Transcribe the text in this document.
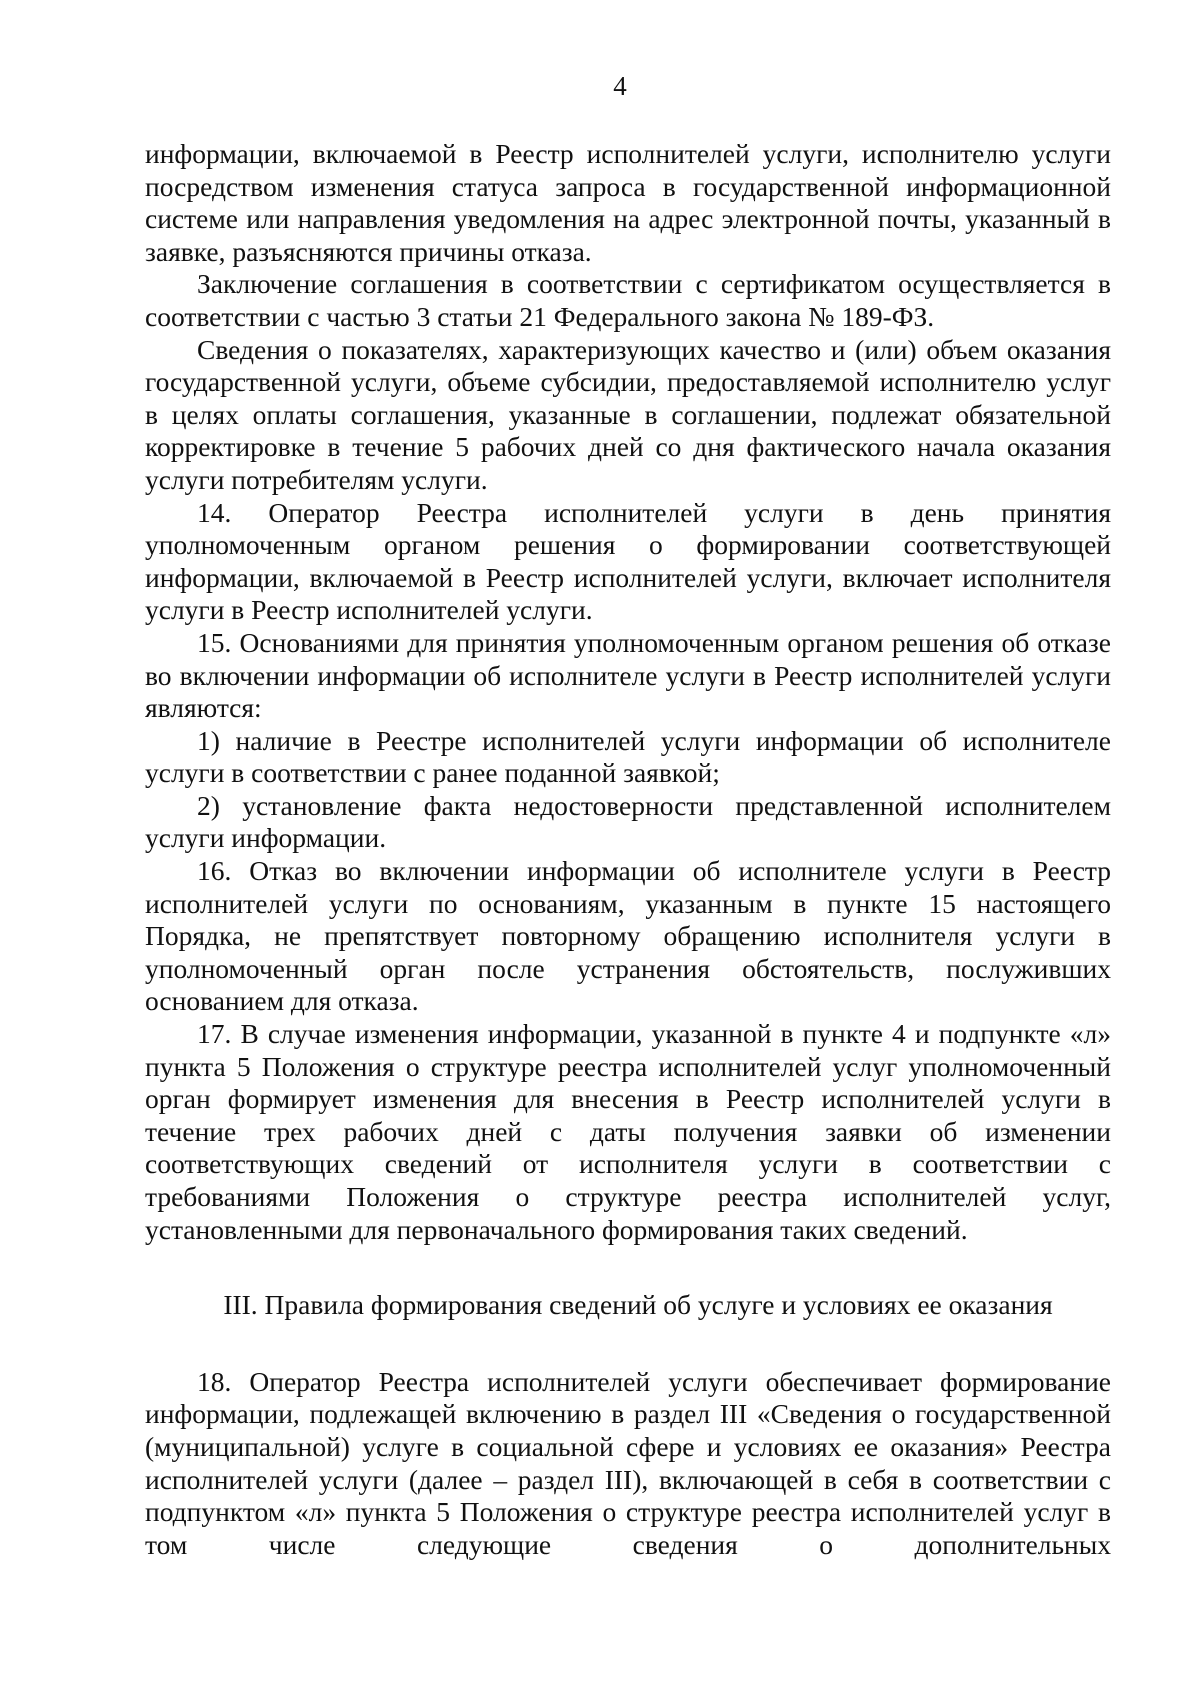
4

информации, включаемой в Реестр исполнителей услуги, исполнителю услуги посредством изменения статуса запроса в государственной информационной системе или направления уведомления на адрес электронной почты, указанный в заявке, разъясняются причины отказа.

Заключение соглашения в соответствии с сертификатом осуществляется в соответствии с частью 3 статьи 21 Федерального закона № 189-ФЗ.

Сведения о показателях, характеризующих качество и (или) объем оказания государственной услуги, объеме субсидии, предоставляемой исполнителю услуг в целях оплаты соглашения, указанные в соглашении, подлежат обязательной корректировке в течение 5 рабочих дней со дня фактического начала оказания услуги потребителям услуги.

14. Оператор Реестра исполнителей услуги в день принятия уполномоченным органом решения о формировании соответствующей информации, включаемой в Реестр исполнителей услуги, включает исполнителя услуги в Реестр исполнителей услуги.

15. Основаниями для принятия уполномоченным органом решения об отказе во включении информации об исполнителе услуги в Реестр исполнителей услуги являются:

1) наличие в Реестре исполнителей услуги информации об исполнителе услуги в соответствии с ранее поданной заявкой;

2) установление факта недостоверности представленной исполнителем услуги информации.

16. Отказ во включении информации об исполнителе услуги в Реестр исполнителей услуги по основаниям, указанным в пункте 15 настоящего Порядка, не препятствует повторному обращению исполнителя услуги в уполномоченный орган после устранения обстоятельств, послуживших основанием для отказа.

17. В случае изменения информации, указанной в пункте 4 и подпункте «л» пункта 5 Положения о структуре реестра исполнителей услуг уполномоченный орган формирует изменения для внесения в Реестр исполнителей услуги в течение трех рабочих дней с даты получения заявки об изменении соответствующих сведений от исполнителя услуги в соответствии с требованиями Положения о структуре реестра исполнителей услуг, установленными для первоначального формирования таких сведений.

III. Правила формирования сведений об услуге и условиях ее оказания

18. Оператор Реестра исполнителей услуги обеспечивает формирование информации, подлежащей включению в раздел III «Сведения о государственной (муниципальной) услуге в социальной сфере и условиях ее оказания» Реестра исполнителей услуги (далее – раздел III), включающей в себя в соответствии с подпунктом «л» пункта 5 Положения о структуре реестра исполнителей услуг в том числе следующие сведения о дополнительных
